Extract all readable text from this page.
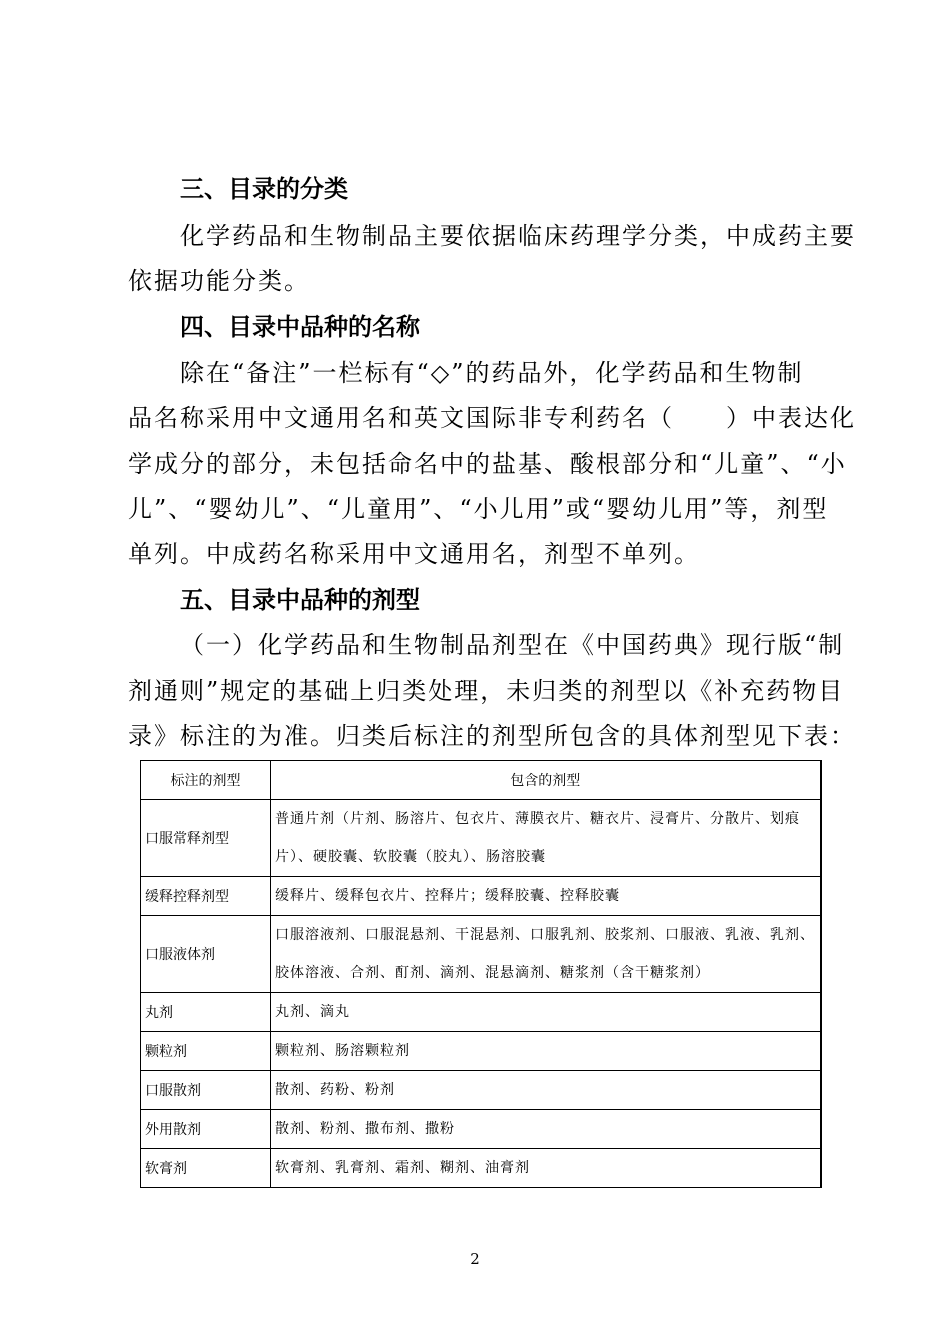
三、目录的分类
化学药品和生物制品主要依据临床药理学分类，中成药主要
依据功能分类。
四、目录中品种的名称
除在“备注”一栏标有“◇”的药品外，化学药品和生物制
品名称采用中文通用名和英文国际非专利药名（　　）中表达化
学成分的部分，未包括命名中的盐基、酸根部分和“儿童”、“小
儿”、“婴幼儿”、“儿童用”、“小儿用”或“婴幼儿用”等，剂型
单列。中成药名称采用中文通用名，剂型不单列。
五、目录中品种的剂型
（一）化学药品和生物制品剂型在《中国药典》现行版“制
剂通则”规定的基础上归类处理，未归类的剂型以《补充药物目
录》标注的为准。归类后标注的剂型所包含的具体剂型见下表：
标注的剂型	包含的剂型
口服常释剂型	普通片剂（片剂、肠溶片、包衣片、薄膜衣片、糖衣片、浸膏片、分散片、划痕片）、硬胶囊、软胶囊（胶丸）、肠溶胶囊
缓释控释剂型	缓释片、缓释包衣片、控释片；缓释胶囊、控释胶囊
口服液体剂	口服溶液剂、口服混悬剂、干混悬剂、口服乳剂、胶浆剂、口服液、乳液、乳剂、胶体溶液、合剂、酊剂、滴剂、混悬滴剂、糖浆剂（含干糖浆剂）
丸剂	丸剂、滴丸
颗粒剂	颗粒剂、肠溶颗粒剂
口服散剂	散剂、药粉、粉剂
外用散剂	散剂、粉剂、撒布剂、撒粉
软膏剂	软膏剂、乳膏剂、霜剂、糊剂、油膏剂
2
